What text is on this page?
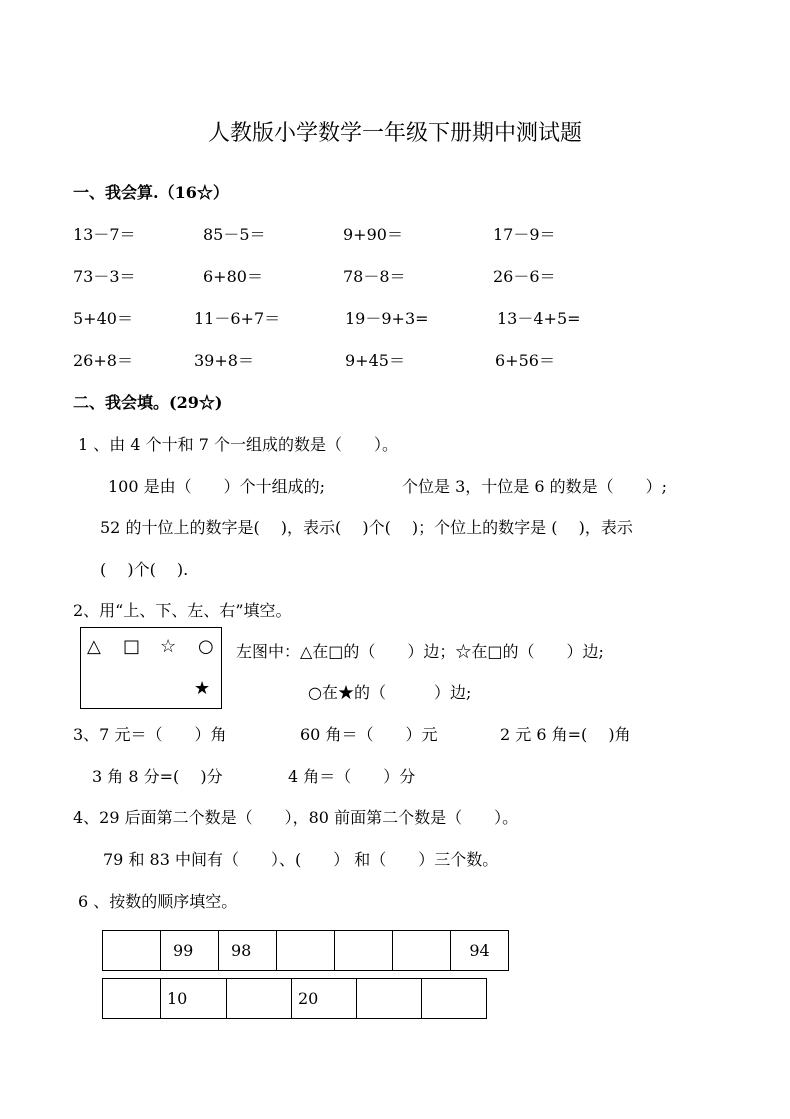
人教版小学数学一年级下册期中测试题
一、我会算.（16☆）
13－7＝	85－5＝	9+90＝	17－9＝
73－3＝	6+80＝	78－8＝	26－6＝
5+40＝	11－6+7＝	19－9+3=	13－4+5=
26+8＝	39+8＝	9+45＝	6+56＝
二、我会填。(29☆)
1 、由 4 个十和 7 个一组成的数是（　　）。
100 是由（　　）个十组成的;	个位是 3，十位是 6 的数是（　　）;
52 的十位上的数字是(　 )，表示(　 )个(　 )；个位上的数字是 (　 )，表示
(　 )个(　 ).
2、用“上、下、左、右”填空。
△ □ ☆ ○
★
左图中：△在□的（　　）边；☆在□的（　　）边;
○在★的（　　　）边;
3、7 元＝（　　）角	60 角＝（　　）元	2 元 6 角=(　 )角
3 角 8 分=(　 )分	4 角＝（　　）分
4、29 后面第二个数是（　　），80 前面第二个数是（　　）。
79 和 83 中间有（　　）、(　　） 和（　　）三个数。
6 、按数的顺序填空。
	99	98				94
	10		20		
